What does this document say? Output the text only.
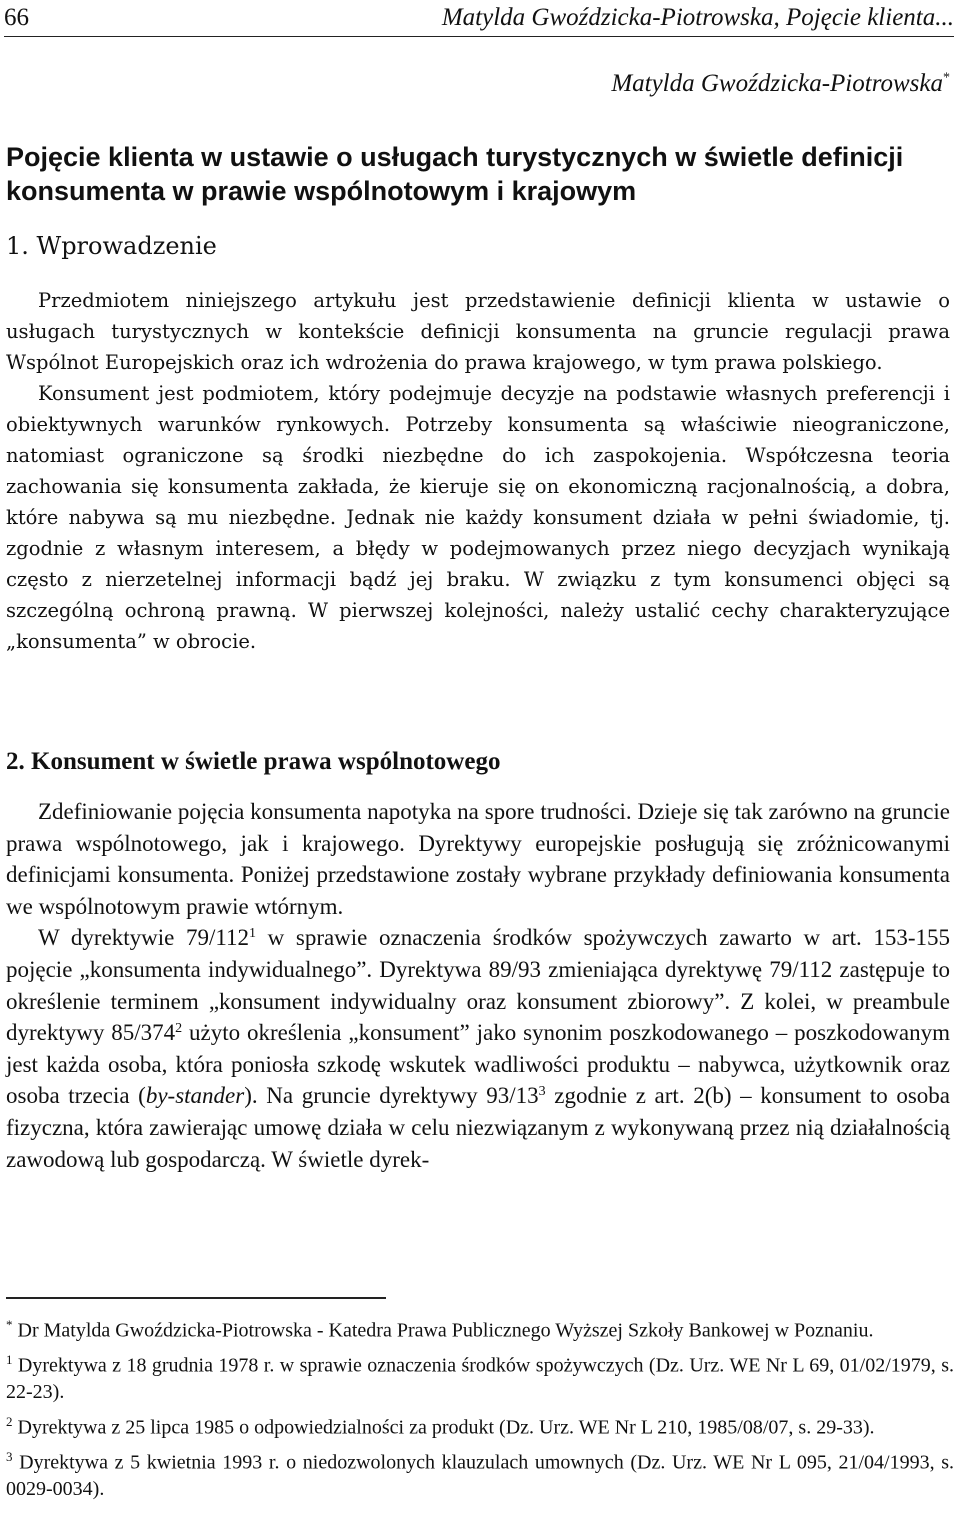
66	Matylda Gwoździcka-Piotrowska, Pojęcie klienta...
Matylda Gwoździcka-Piotrowska*
Pojęcie klienta w ustawie o usługach turystycznych w świetle definicji konsumenta w prawie wspólnotowym i krajowym
1. Wprowadzenie

Przedmiotem niniejszego artykułu jest przedstawienie definicji klienta w ustawie o usługach turystycznych w kontekście definicji konsumenta na gruncie regulacji prawa Wspólnot Europejskich oraz ich wdrożenia do prawa krajowego, w tym prawa polskiego.

Konsument jest podmiotem, który podejmuje decyzje na podstawie własnych preferencji i obiektywnych warunków rynkowych. Potrzeby konsumenta są właściwie nieograniczone, natomiast ograniczone są środki niezbędne do ich zaspokojenia. Współczesna teoria zachowania się konsumenta zakłada, że kieruje się on ekonomiczną racjonalnością, a dobra, które nabywa są mu niezbędne. Jednak nie każdy konsument działa w pełni świadomie, tj. zgodnie z własnym interesem, a błędy w podejmowanych przez niego decyzjach wynikają często z nierzetelnej informacji bądź jej braku. W związku z tym konsumenci objęci są szczególną ochroną prawną. W pierwszej kolejności, należy ustalić cechy charakteryzujące „konsumenta” w obrocie.

2. Konsument w świetle prawa wspólnotowego

Zdefiniowanie pojęcia konsumenta napotyka na spore trudności. Dzieje się tak zarówno na gruncie prawa wspólnotowego, jak i krajowego. Dyrektywy europejskie posługują się zróżnicowanymi definicjami konsumenta. Poniżej przedstawione zostały wybrane przykłady definiowania konsumenta we wspólnotowym prawie wtórnym.

W dyrektywie 79/112$^1$ w sprawie oznaczenia środków spożywczych zawarto w art. 153-155 pojęcie „konsumenta indywidualnego”. Dyrektywa 89/93 zmieniająca dyrektywę 79/112 zastępuje to określenie terminem „konsument indywidualny oraz konsument zbiorowy”. Z kolei, w preambule dyrektywy 85/374$^2$ użyto określenia „konsument” jako synonim poszkodowanego – poszkodowanym jest każda osoba, która poniosła szkodę wskutek wadliwości produktu – nabywca, użytkownik oraz osoba trzecia (by-stander). Na gruncie dyrektywy 93/13$^3$ zgodnie z art. 2(b) – konsument to osoba fizyczna, która zawierając umowę działa w celu niezwiązanym z wykonywaną przez nią działalnością zawodową lub gospodarczą. W świetle dyrek-

* Dr Matylda Gwoździcka-Piotrowska - Katedra Prawa Publicznego Wyższej Szkoły Bankowej w Poznaniu.

$^1$ Dyrektywa z 18 grudnia 1978 r. w sprawie oznaczenia środków spożywczych (Dz. Urz. WE Nr L 69, 01/02/1979, s. 22-23).

$^2$ Dyrektywa z 25 lipca 1985 o odpowiedzialności za produkt (Dz. Urz. WE Nr L 210, 1985/08/07, s. 29-33).

$^3$ Dyrektywa z 5 kwietnia 1993 r. o niedozwolonych klauzulach umownych (Dz. Urz. WE Nr L 095, 21/04/1993, s. 0029-0034).
